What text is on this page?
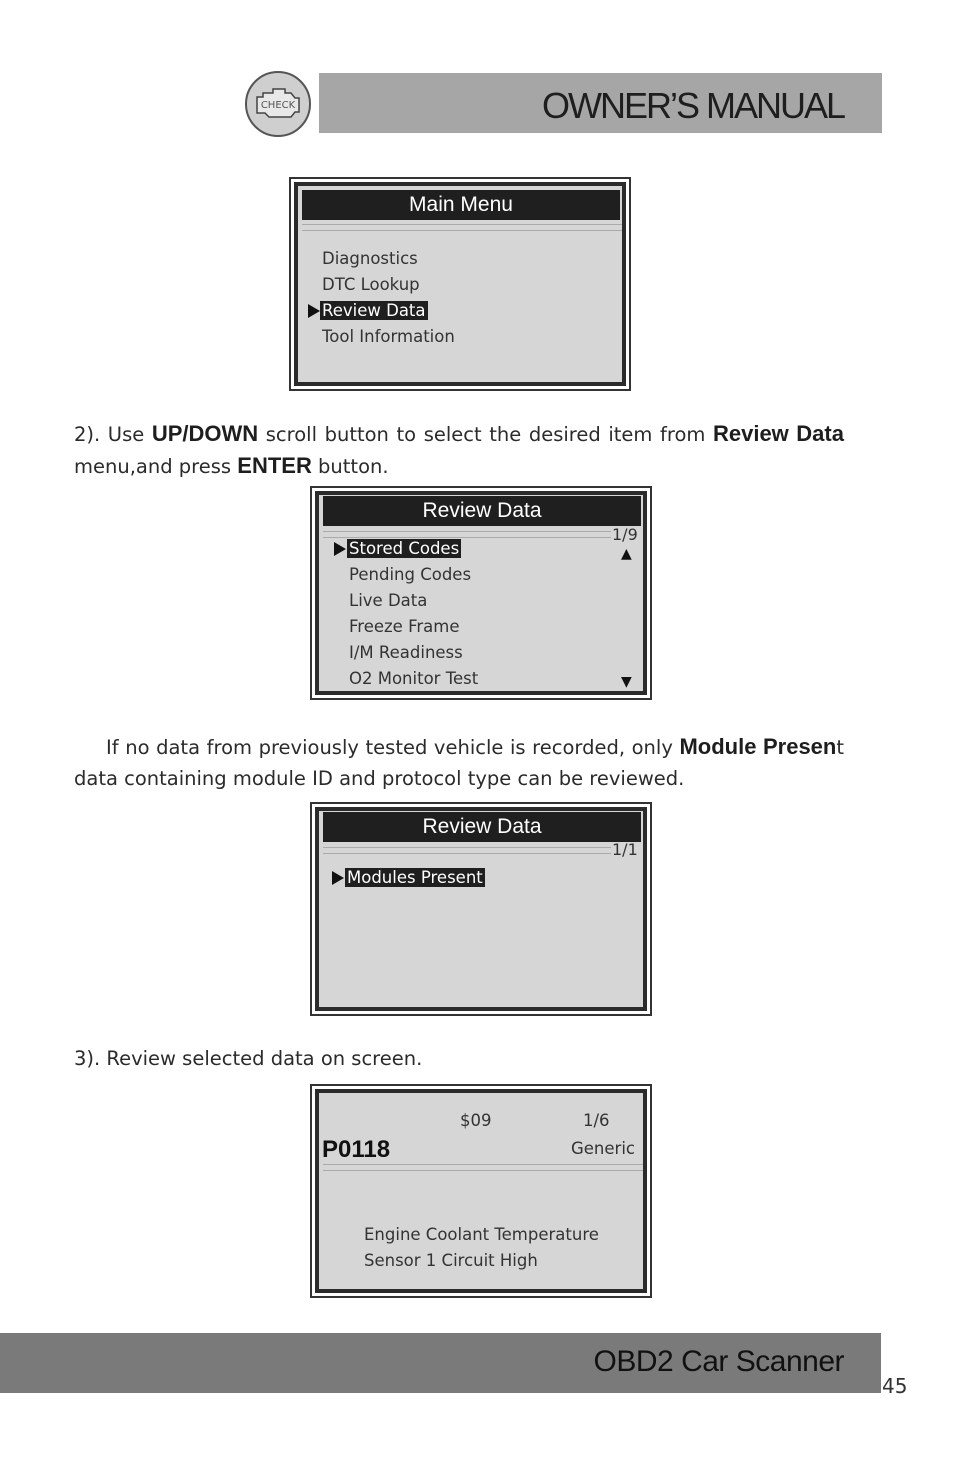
CHECK	OWNER’S MANUAL
Main Menu
Diagnostics
DTC Lookup
Review Data
Tool Information
2). Use UP/DOWN scroll button to select the desired item from Review Data menu,and press ENTER button.
Review Data
1/9
▲
Stored Codes
Pending Codes
Live Data
Freeze Frame
I/M Readiness
O2 Monitor Test	▼
If no data from previously tested vehicle is recorded, only Module Present data containing module ID and protocol type can be reviewed.
Review Data
1/1
Modules Present
3). Review selected data on screen.
$09	1/6
P0118	Generic
Engine Coolant Temperature
Sensor 1 Circuit High
OBD2 Car Scanner
45
